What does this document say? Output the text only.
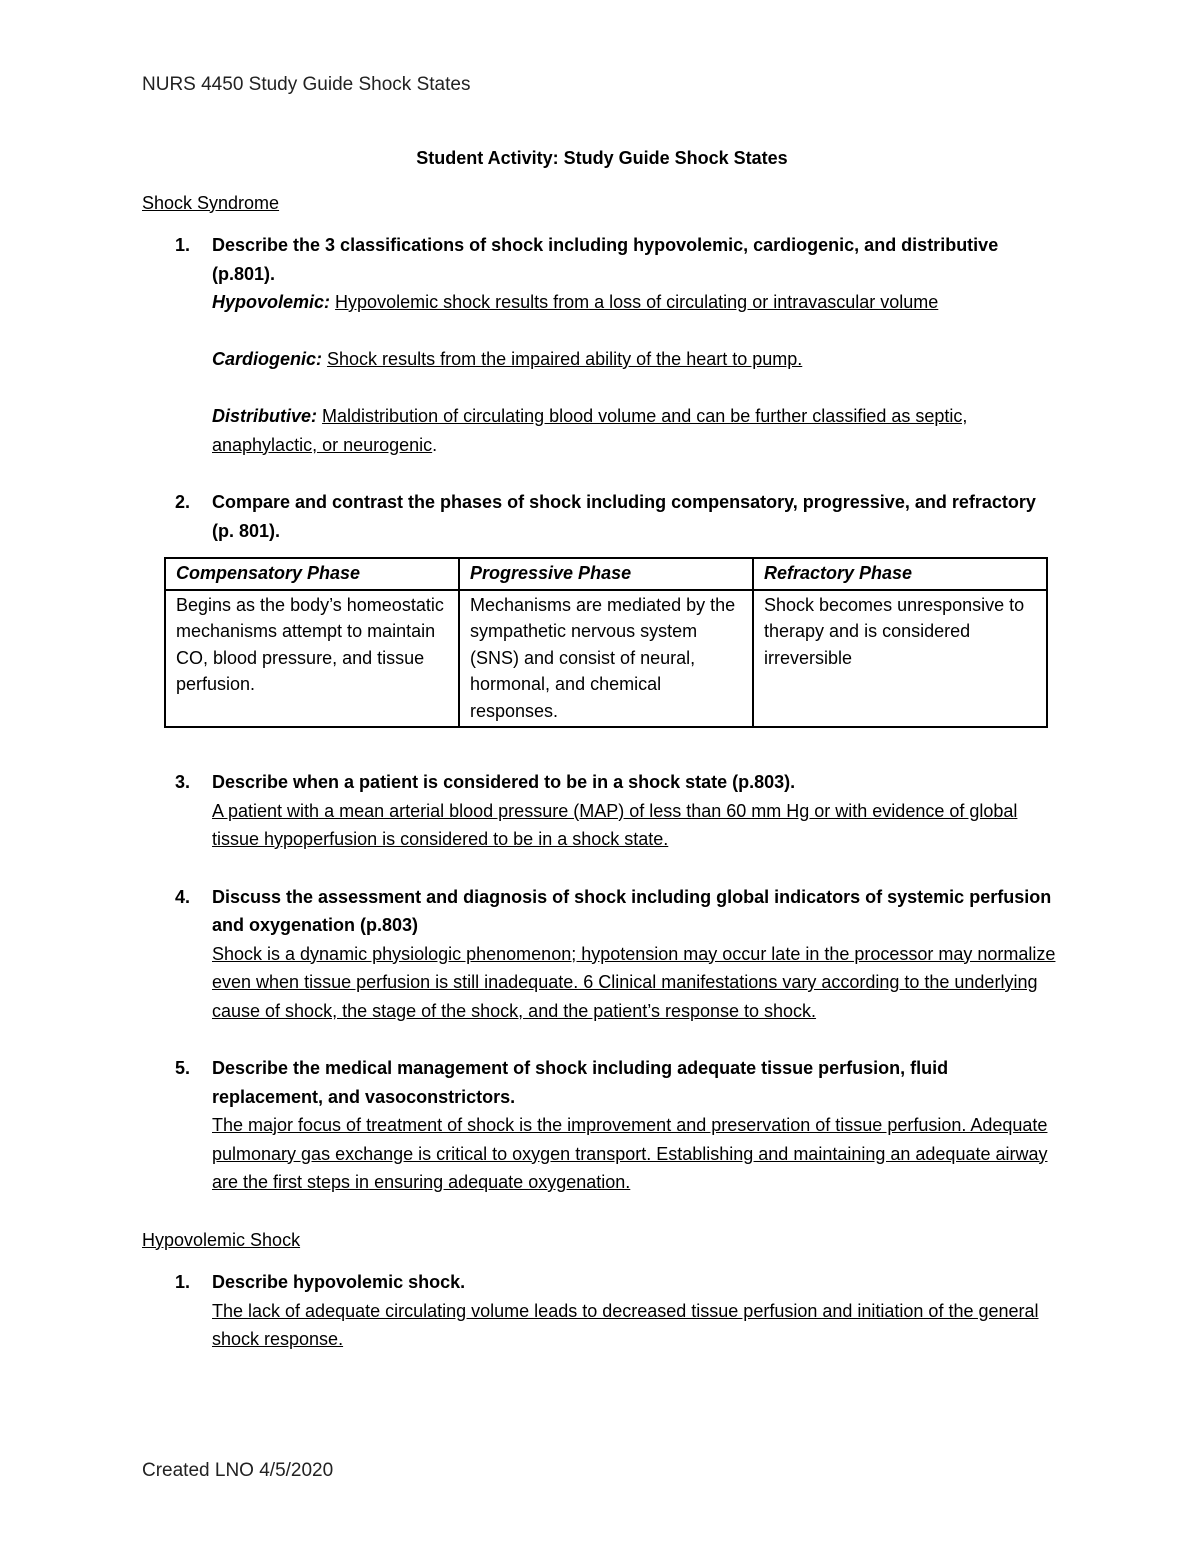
NURS 4450 Study Guide Shock States
Student Activity: Study Guide Shock States
Shock Syndrome
1. Describe the 3 classifications of shock including hypovolemic, cardiogenic, and distributive (p.801).
Hypovolemic: Hypovolemic shock results from a loss of circulating or intravascular volume
Cardiogenic: Shock results from the impaired ability of the heart to pump.
Distributive: Maldistribution of circulating blood volume and can be further classified as septic, anaphylactic, or neurogenic.
2. Compare and contrast the phases of shock including compensatory, progressive, and refractory (p. 801).
Compensatory Phase	Progressive Phase	Refractory Phase
Begins as the body’s homeostatic mechanisms attempt to maintain CO, blood pressure, and tissue perfusion.	Mechanisms are mediated by the sympathetic nervous system (SNS) and consist of neural, hormonal, and chemical responses.	Shock becomes unresponsive to therapy and is considered irreversible
3. Describe when a patient is considered to be in a shock state (p.803).
A patient with a mean arterial blood pressure (MAP) of less than 60 mm Hg or with evidence of global tissue hypoperfusion is considered to be in a shock state.
4. Discuss the assessment and diagnosis of shock including global indicators of systemic perfusion and oxygenation (p.803)
Shock is a dynamic physiologic phenomenon; hypotension may occur late in the processor may normalize even when tissue perfusion is still inadequate. 6 Clinical manifestations vary according to the underlying cause of shock, the stage of the shock, and the patient’s response to shock.
5. Describe the medical management of shock including adequate tissue perfusion, fluid replacement, and vasoconstrictors.
The major focus of treatment of shock is the improvement and preservation of tissue perfusion. Adequate pulmonary gas exchange is critical to oxygen transport. Establishing and maintaining an adequate airway are the first steps in ensuring adequate oxygenation.
Hypovolemic Shock
1. Describe hypovolemic shock.
The lack of adequate circulating volume leads to decreased tissue perfusion and initiation of the general shock response.
Created LNO 4/5/2020
